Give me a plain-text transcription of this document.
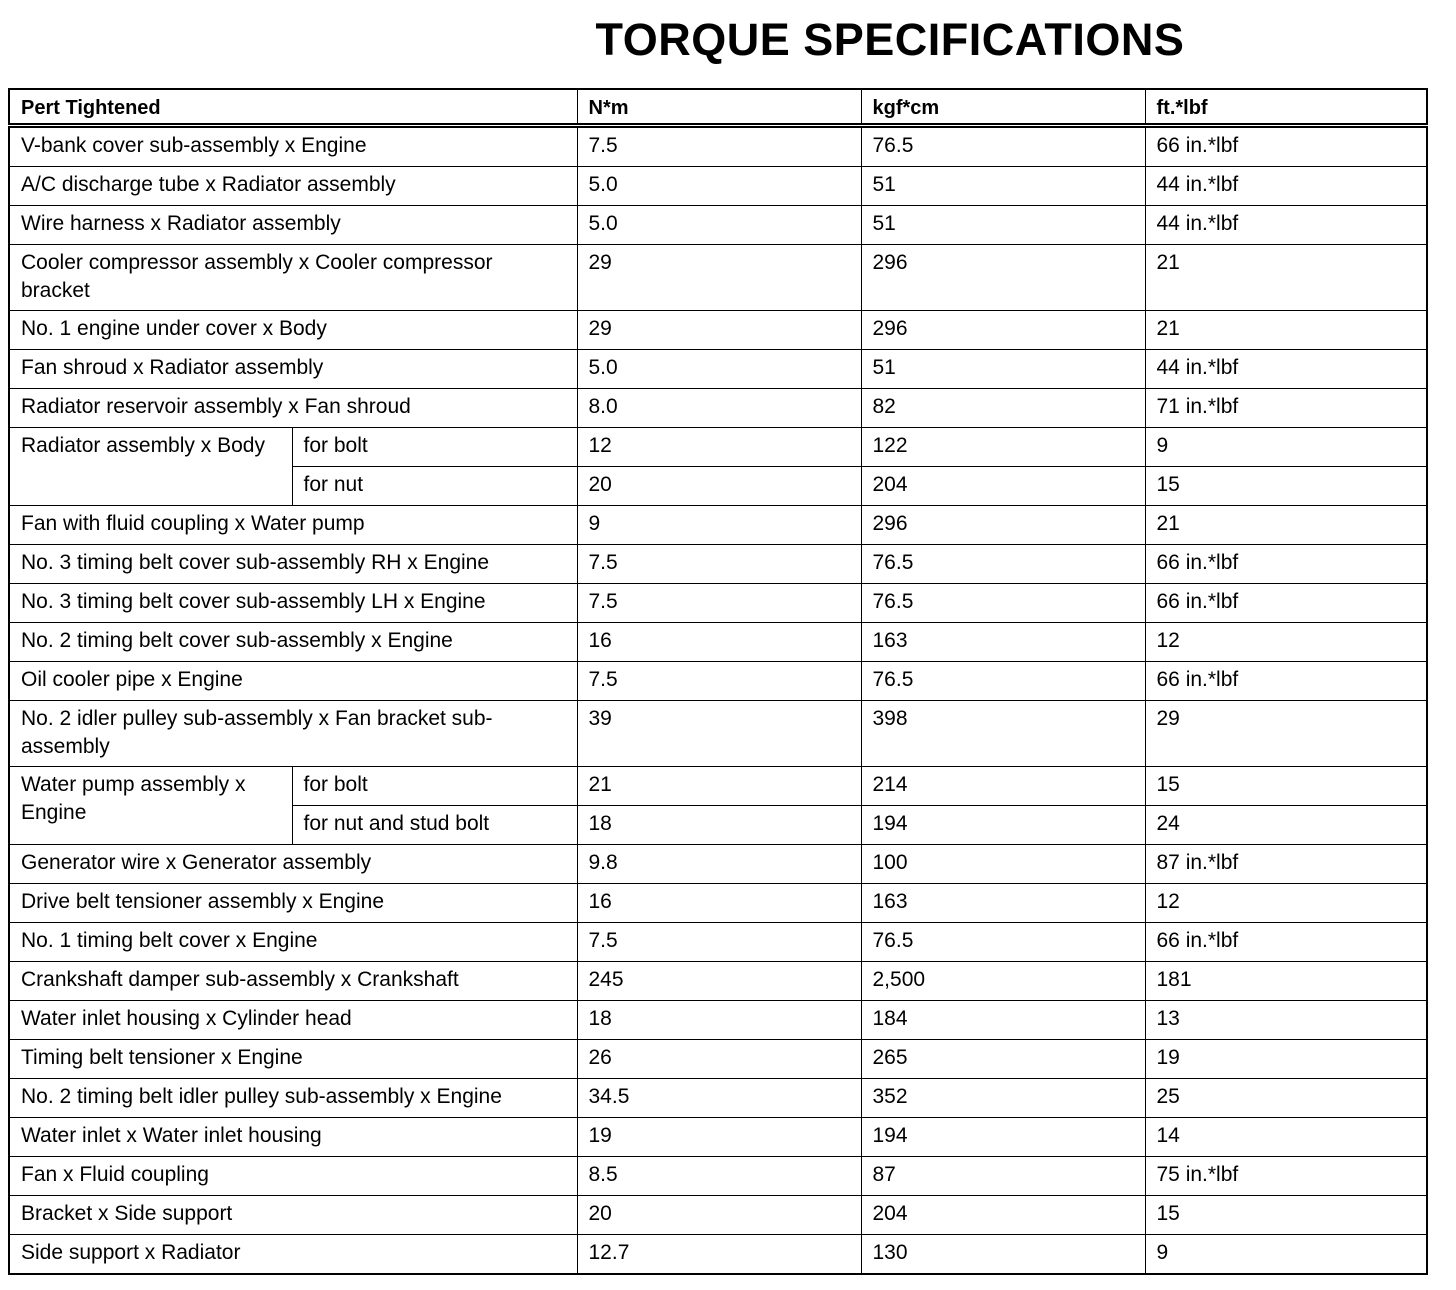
TORQUE SPECIFICATIONS
Pert Tightened		N*m	kgf*cm	ft.*lbf
V-bank cover sub-assembly x Engine		7.5	76.5	66 in.*lbf
A/C discharge tube x Radiator assembly		5.0	51	44 in.*lbf
Wire harness x Radiator assembly		5.0	51	44 in.*lbf
Cooler compressor assembly x Cooler compressor bracket		29	296	21
No. 1 engine under cover x Body		29	296	21
Fan shroud x Radiator assembly		5.0	51	44 in.*lbf
Radiator reservoir assembly x Fan shroud		8.0	82	71 in.*lbf
Radiator assembly x Body	for bolt	12	122	9
	for nut	20	204	15
Fan with fluid coupling x Water pump		9	296	21
No. 3 timing belt cover sub-assembly RH x Engine		7.5	76.5	66 in.*lbf
No. 3 timing belt cover sub-assembly LH x Engine		7.5	76.5	66 in.*lbf
No. 2 timing belt cover sub-assembly x Engine		16	163	12
Oil cooler pipe x Engine		7.5	76.5	66 in.*lbf
No. 2 idler pulley sub-assembly x Fan bracket sub-assembly		39	398	29
Water pump assembly x Engine	for bolt	21	214	15
	for nut and stud bolt	18	194	24
Generator wire x Generator assembly		9.8	100	87 in.*lbf
Drive belt tensioner assembly x Engine		16	163	12
No. 1 timing belt cover x Engine		7.5	76.5	66 in.*lbf
Crankshaft damper sub-assembly x Crankshaft		245	2,500	181
Water inlet housing x Cylinder head		18	184	13
Timing belt tensioner x Engine		26	265	19
No. 2 timing belt idler pulley sub-assembly x Engine		34.5	352	25
Water inlet x Water inlet housing		19	194	14
Fan x Fluid coupling		8.5	87	75 in.*lbf
Bracket x Side support		20	204	15
Side support x Radiator		12.7	130	9
